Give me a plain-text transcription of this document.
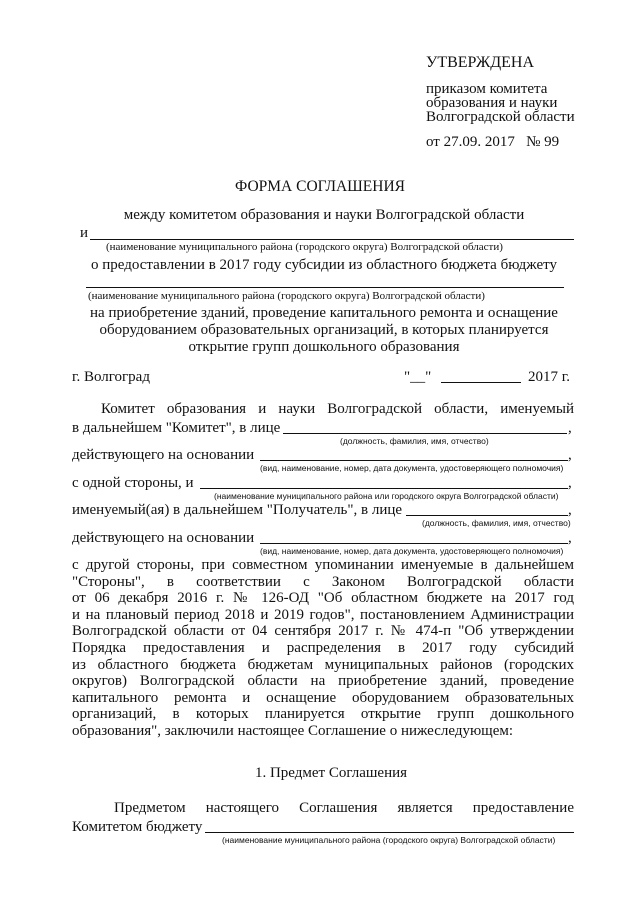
УТВЕРЖДЕНА
приказом комитета
образования и науки
Волгоградской области
от 27.09. 2017   № 99
ФОРМА СОГЛАШЕНИЯ
между комитетом образования и науки Волгоградской области
и
(наименование муниципального района (городского округа) Волгоградской области)
о предоставлении в 2017 году субсидии из областного бюджета бюджету
(наименование муниципального района (городского округа) Волгоградской области)
на приобретение зданий, проведение капитального ремонта и оснащение
оборудованием образовательных организаций, в которых планируется
открытие групп дошкольного образования
г. Волгоград	"__"	2017 г.
Комитет образования и науки Волгоградской области, именуемый
в дальнейшем "Комитет", в лице	,
(должность, фамилия, имя, отчество)
действующего на основании	,
(вид, наименование, номер, дата документа, удостоверяющего полномочия)
с одной стороны, и	,
(наименование муниципального района или городского округа Волгоградской области)
именуемый(ая) в дальнейшем "Получатель", в лице	,
(должность, фамилия, имя, отчество)
действующего на основании	,
(вид, наименование, номер, дата документа, удостоверяющего полномочия)
с другой стороны, при совместном упоминании именуемые в дальнейшем
"Стороны", в соответствии с Законом Волгоградской области
от 06 декабря 2016 г. № 126-ОД "Об областном бюджете на 2017 год
и на плановый период 2018 и 2019 годов", постановлением Администрации
Волгоградской области от 04 сентября 2017 г. № 474-п "Об утверждении
Порядка предоставления и распределения в 2017 году субсидий
из областного бюджета бюджетам муниципальных районов (городских
округов) Волгоградской области на приобретение зданий, проведение
капитального ремонта и оснащение оборудованием образовательных
организаций, в которых планируется открытие групп дошкольного
образования", заключили настоящее Соглашение о нижеследующем:
1. Предмет Соглашения
Предметом настоящего Соглашения является предоставление
Комитетом бюджету
(наименование муниципального района (городского округа) Волгоградской области)
